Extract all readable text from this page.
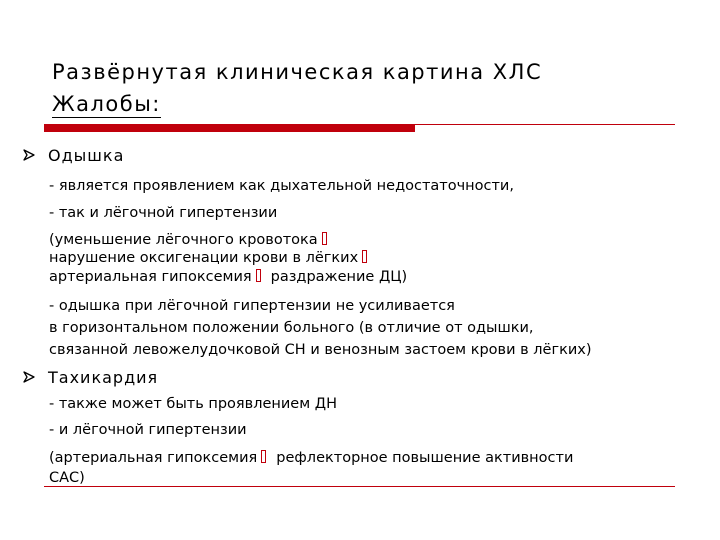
Развёрнутая клиническая картина ХЛС
Жалобы:
Одышка
- является проявлением как дыхательной недостаточности,
- так и лёгочной гипертензии
(уменьшение лёгочного кровотока
нарушение оксигенации крови в лёгких
артериальная гипоксемия раздражение ДЦ)
- одышка при лёгочной гипертензии не усиливается
в горизонтальном положении больного (в отличие от одышки,
связанной левожелудочковой СН и венозным застоем крови в лёгких)
Тахикардия
- также может быть проявлением ДН
- и лёгочной гипертензии
(артериальная гипоксемия рефлекторное повышение активности
САС)
